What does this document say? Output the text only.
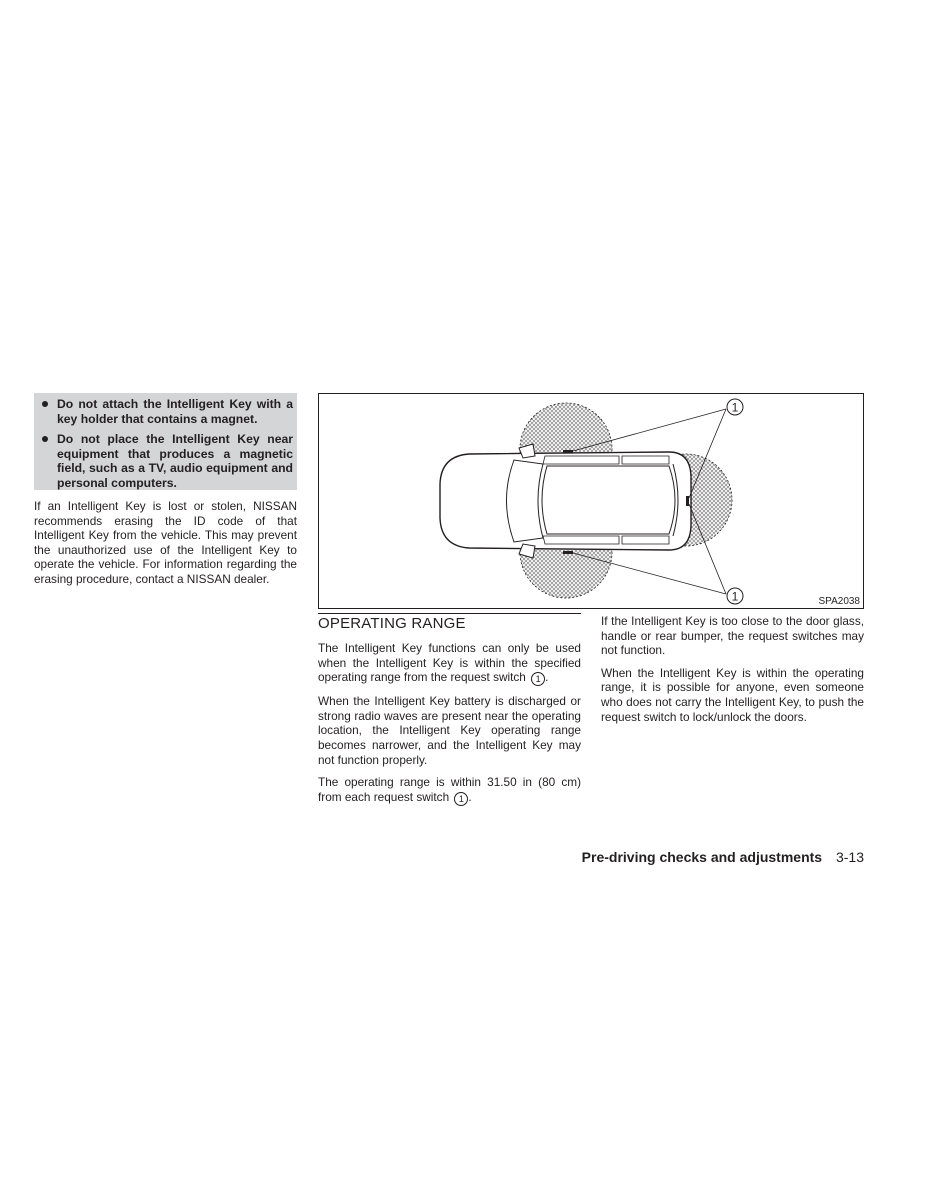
Do not attach the Intelligent Key with a key holder that contains a magnet.
Do not place the Intelligent Key near equipment that produces a magnetic field, such as a TV, audio equipment and personal computers.

If an Intelligent Key is lost or stolen, NISSAN recommends erasing the ID code of that Intelligent Key from the vehicle. This may prevent the unauthorized use of the Intelligent Key to operate the vehicle. For information regarding the erasing procedure, contact a NISSAN dealer.

1
1	SPA2038
OPERATING RANGE

The Intelligent Key functions can only be used when the Intelligent Key is within the specified operating range from the request switch 1 .

When the Intelligent Key battery is discharged or strong radio waves are present near the operating location, the Intelligent Key operating range becomes narrower, and the Intelligent Key may not function properly.

The operating range is within 31.50 in (80 cm) from each request switch 1 .

If the Intelligent Key is too close to the door glass, handle or rear bumper, the request switches may not function.

When the Intelligent Key is within the operating range, it is possible for anyone, even someone who does not carry the Intelligent Key, to push the request switch to lock/unlock the doors.

Pre-driving checks and adjustments 3-13
